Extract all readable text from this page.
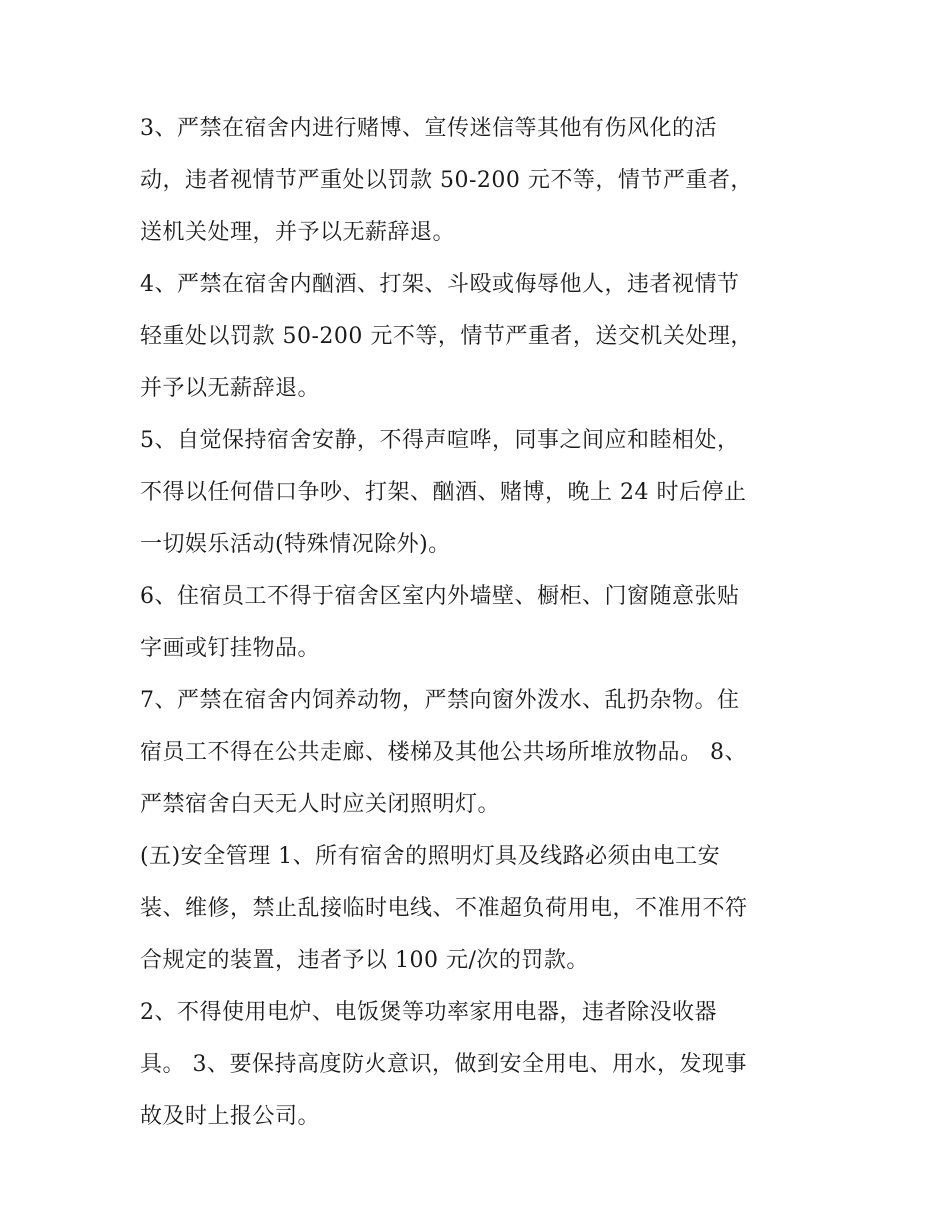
3、严禁在宿舍内进行赌博、宣传迷信等其他有伤风化的活
动，违者视情节严重处以罚款 50-200 元不等，情节严重者，
送机关处理，并予以无薪辞退。
4、严禁在宿舍内酗酒、打架、斗殴或侮辱他人，违者视情节
轻重处以罚款 50-200 元不等，情节严重者，送交机关处理，
并予以无薪辞退。
5、自觉保持宿舍安静，不得声喧哗，同事之间应和睦相处，
不得以任何借口争吵、打架、酗酒、赌博，晚上 24 时后停止
一切娱乐活动(特殊情况除外)。
6、住宿员工不得于宿舍区室内外墙壁、橱柜、门窗随意张贴
字画或钉挂物品。
7、严禁在宿舍内饲养动物，严禁向窗外泼水、乱扔杂物。住
宿员工不得在公共走廊、楼梯及其他公共场所堆放物品。 8、
严禁宿舍白天无人时应关闭照明灯。
(五)安全管理 1、所有宿舍的照明灯具及线路必须由电工安
装、维修，禁止乱接临时电线、不准超负荷用电，不准用不符
合规定的装置，违者予以 100 元/次的罚款。
2、不得使用电炉、电饭煲等功率家用电器，违者除没收器
具。 3、要保持高度防火意识，做到安全用电、用水，发现事
故及时上报公司。
